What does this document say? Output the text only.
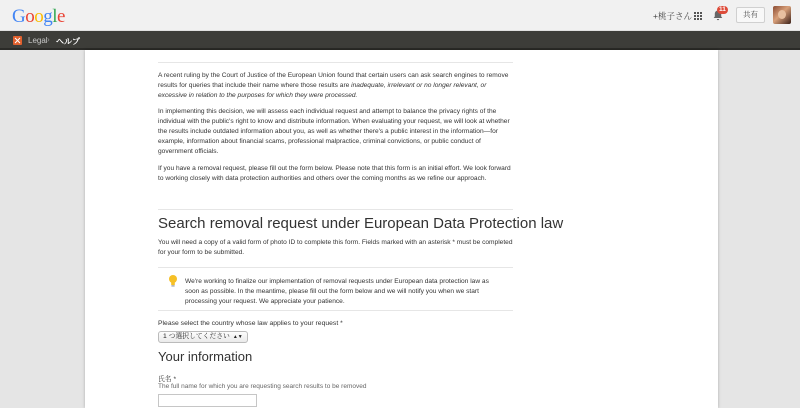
Google	+桃子さん
11
共有
Legal › ヘルプ

A recent ruling by the Court of Justice of the European Union found that certain users can ask search engines to remove results for queries that include their name where those results are inadequate, irrelevant or no longer relevant, or excessive in relation to the purposes for which they were processed.

In implementing this decision, we will assess each individual request and attempt to balance the privacy rights of the individual with the public's right to know and distribute information. When evaluating your request, we will look at whether the results include outdated information about you, as well as whether there's a public interest in the information—for example, information about financial scams, professional malpractice, criminal convictions, or public conduct of government officials.

If you have a removal request, please fill out the form below. Please note that this form is an initial effort. We look forward to working closely with data protection authorities and others over the coming months as we refine our approach.

Search removal request under European Data Protection law

You will need a copy of a valid form of photo ID to complete this form. Fields marked with an asterisk * must be completed for your form to be submitted.

We're working to finalize our implementation of removal requests under European data protection law as soon as possible. In the meantime, please fill out the form below and we will notify you when we start processing your request. We appreciate your patience.

Please select the country whose law applies to your request *
1 つ選択してください ▲▼
Your information
氏名 *
The full name for which you are requesting search results to be removed
